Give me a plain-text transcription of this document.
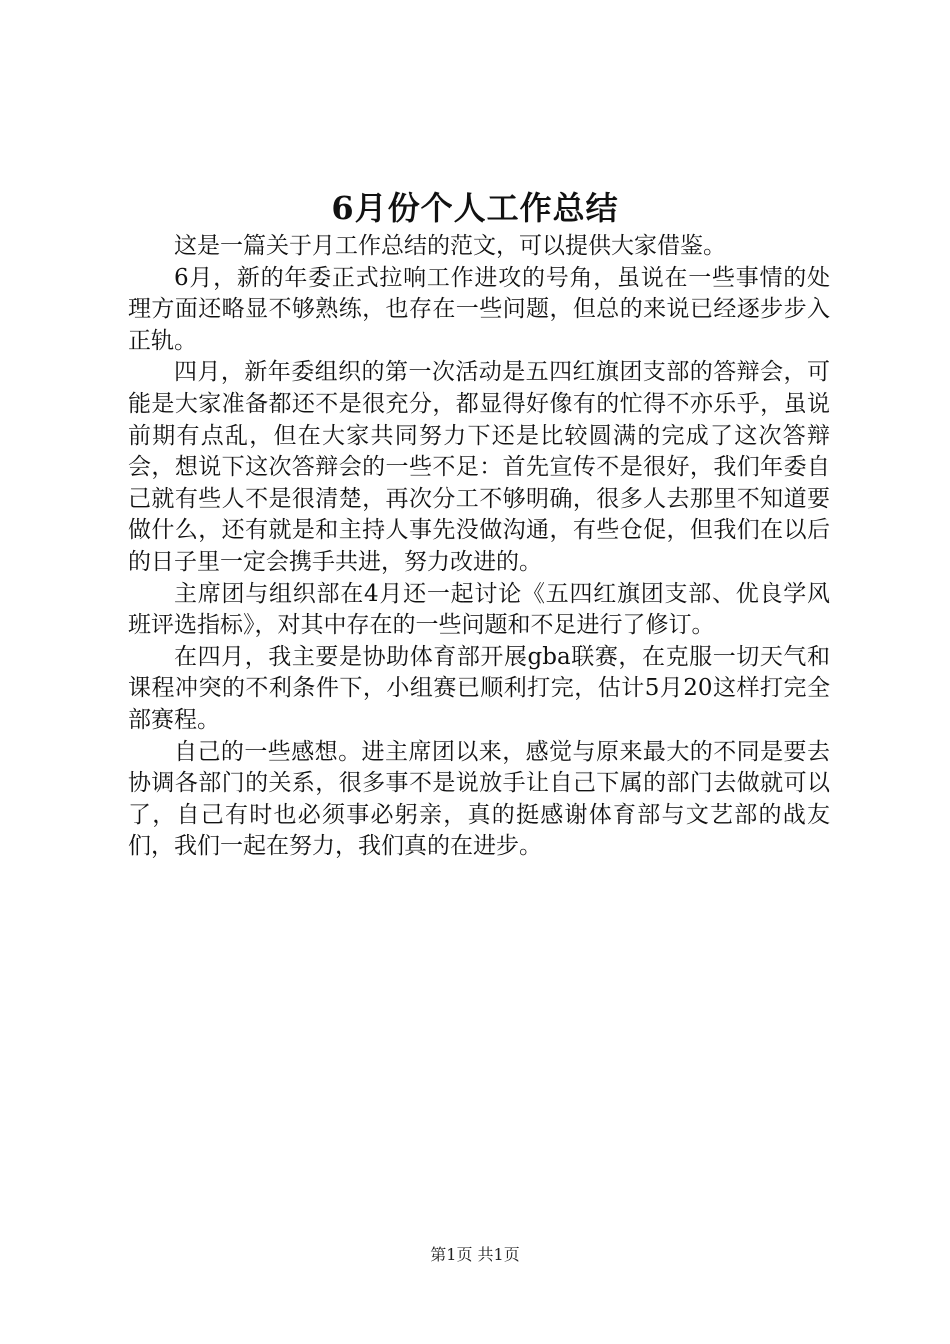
6月份个人工作总结

这是一篇关于月工作总结的范文，可以提供大家借鉴。

6月，新的年委正式拉响工作进攻的号角，虽说在一些事情的处理方面还略显不够熟练，也存在一些问题，但总的来说已经逐步步入正轨。

四月，新年委组织的第一次活动是五四红旗团支部的答辩会，可能是大家准备都还不是很充分，都显得好像有的忙得不亦乐乎，虽说前期有点乱，但在大家共同努力下还是比较圆满的完成了这次答辩会，想说下这次答辩会的一些不足：首先宣传不是很好，我们年委自己就有些人不是很清楚，再次分工不够明确，很多人去那里不知道要做什么，还有就是和主持人事先没做沟通，有些仓促，但我们在以后的日子里一定会携手共进，努力改进的。

主席团与组织部在4月还一起讨论《五四红旗团支部、优良学风班评选指标》，对其中存在的一些问题和不足进行了修订。

在四月，我主要是协助体育部开展gba联赛，在克服一切天气和课程冲突的不利条件下，小组赛已顺利打完，估计5月20这样打完全部赛程。

自己的一些感想。进主席团以来，感觉与原来最大的不同是要去协调各部门的关系，很多事不是说放手让自己下属的部门去做就可以了，自己有时也必须事必躬亲，真的挺感谢体育部与文艺部的战友们，我们一起在努力，我们真的在进步。

第1页 共1页
